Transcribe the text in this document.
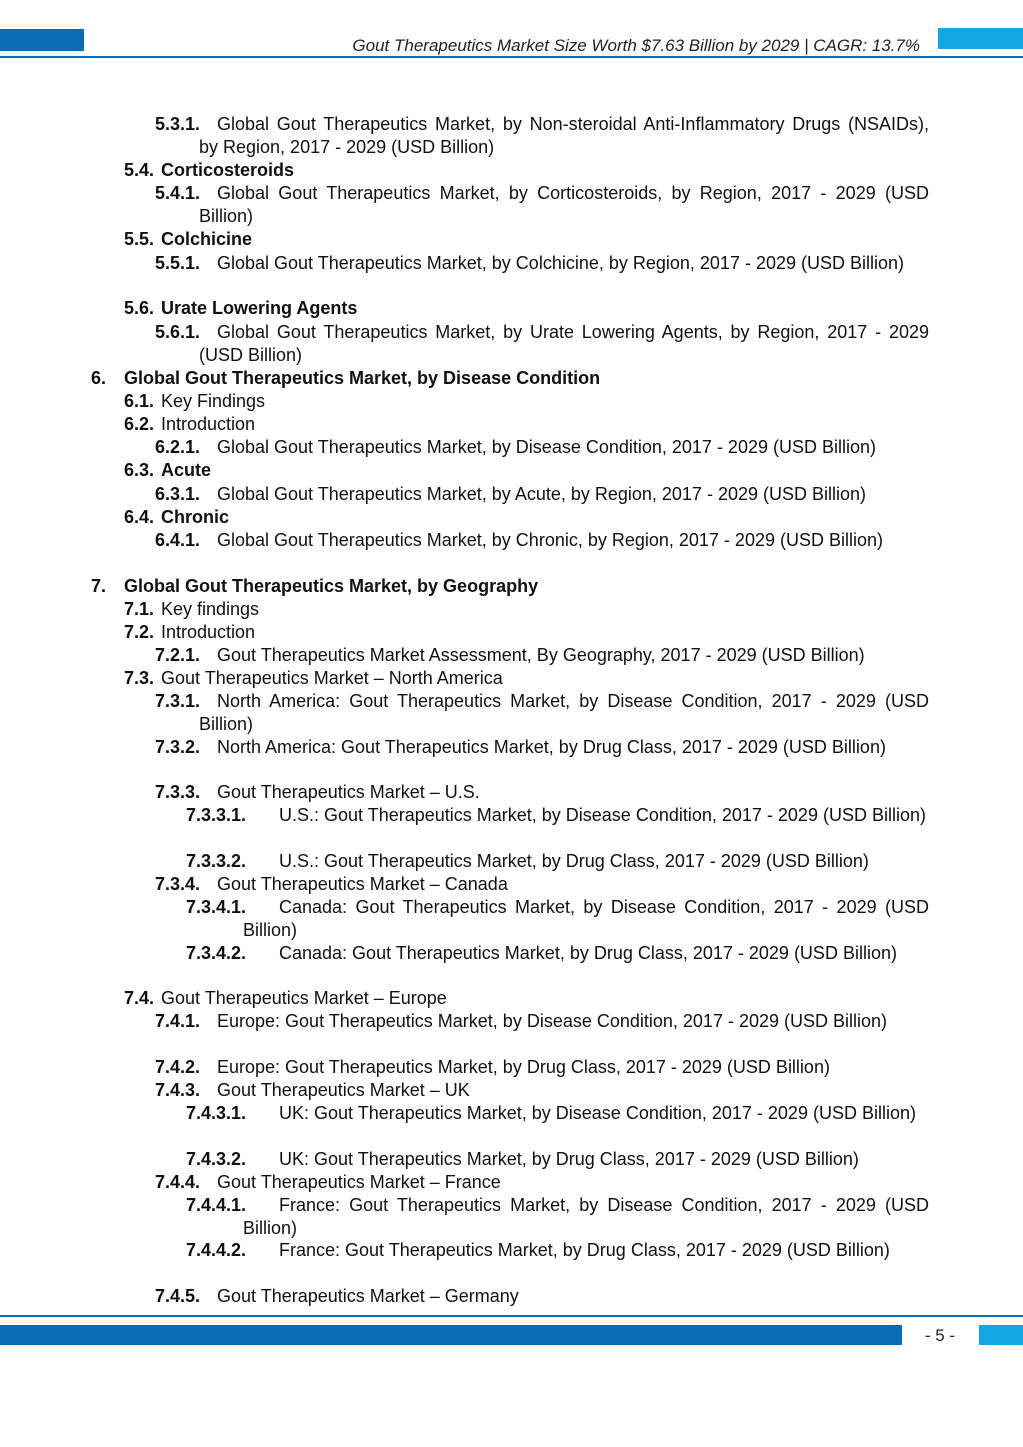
Gout Therapeutics Market Size Worth $7.63 Billion by 2029 | CAGR: 13.7%
5.3.1. Global Gout Therapeutics Market, by Non-steroidal Anti-Inflammatory Drugs (NSAIDs), by Region, 2017 - 2029 (USD Billion)
5.4. Corticosteroids
5.4.1. Global Gout Therapeutics Market, by Corticosteroids, by Region, 2017 - 2029 (USD Billion)
5.5. Colchicine
5.5.1. Global Gout Therapeutics Market, by Colchicine, by Region, 2017 - 2029 (USD Billion)
5.6. Urate Lowering Agents
5.6.1. Global Gout Therapeutics Market, by Urate Lowering Agents, by Region, 2017 - 2029 (USD Billion)
6. Global Gout Therapeutics Market, by Disease Condition
6.1. Key Findings
6.2. Introduction
6.2.1. Global Gout Therapeutics Market, by Disease Condition, 2017 - 2029 (USD Billion)
6.3. Acute
6.3.1. Global Gout Therapeutics Market, by Acute, by Region, 2017 - 2029 (USD Billion)
6.4. Chronic
6.4.1. Global Gout Therapeutics Market, by Chronic, by Region, 2017 - 2029 (USD Billion)
7. Global Gout Therapeutics Market, by Geography
7.1. Key findings
7.2. Introduction
7.2.1. Gout Therapeutics Market Assessment, By Geography, 2017 - 2029 (USD Billion)
7.3. Gout Therapeutics Market – North America
7.3.1. North America: Gout Therapeutics Market, by Disease Condition, 2017 - 2029 (USD Billion)
7.3.2. North America: Gout Therapeutics Market, by Drug Class, 2017 - 2029 (USD Billion)
7.3.3. Gout Therapeutics Market – U.S.
7.3.3.1. U.S.: Gout Therapeutics Market, by Disease Condition, 2017 - 2029 (USD Billion)
7.3.3.2. U.S.: Gout Therapeutics Market, by Drug Class, 2017 - 2029 (USD Billion)
7.3.4. Gout Therapeutics Market – Canada
7.3.4.1. Canada: Gout Therapeutics Market, by Disease Condition, 2017 - 2029 (USD Billion)
7.3.4.2. Canada: Gout Therapeutics Market, by Drug Class, 2017 - 2029 (USD Billion)
7.4. Gout Therapeutics Market – Europe
7.4.1. Europe: Gout Therapeutics Market, by Disease Condition, 2017 - 2029 (USD Billion)
7.4.2. Europe: Gout Therapeutics Market, by Drug Class, 2017 - 2029 (USD Billion)
7.4.3. Gout Therapeutics Market – UK
7.4.3.1. UK: Gout Therapeutics Market, by Disease Condition, 2017 - 2029 (USD Billion)
7.4.3.2. UK: Gout Therapeutics Market, by Drug Class, 2017 - 2029 (USD Billion)
7.4.4. Gout Therapeutics Market – France
7.4.4.1. France: Gout Therapeutics Market, by Disease Condition, 2017 - 2029 (USD Billion)
7.4.4.2. France: Gout Therapeutics Market, by Drug Class, 2017 - 2029 (USD Billion)
7.4.5. Gout Therapeutics Market – Germany
- 5 -
